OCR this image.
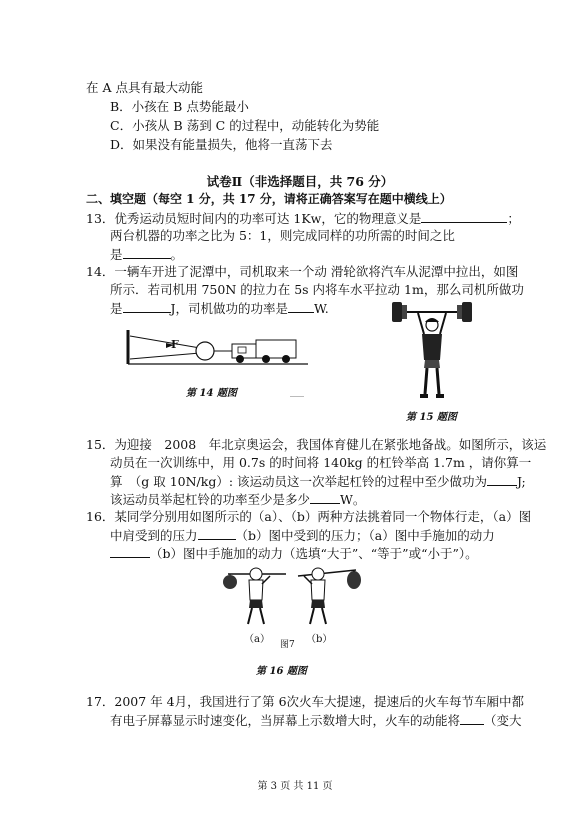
在 A 点具有最大动能
B．小孩在 B 点势能最小
C．小孩从 B 荡到 C 的过程中，动能转化为势能
D．如果没有能量损失，他将一直荡下去
试卷Ⅱ（非选择题目，共 76 分）
二、填空题（每空 1 分，共 17 分，请将正确答案写在题中横线上）
13．优秀运动员短时间内的功率可达 1Kw，它的物理意义是	；
两台机器的功率之比为 5：1，则完成同样的功所需的时间之比
是	。
14．一辆车开进了泥潭中，司机取来一个动 滑轮欲将汽车从泥潭中拉出，如图
所示．若司机用 750N 的拉力在 5s 内将车水平拉动 1m，那么司机所做功
是	J，司机做功的功率是 W.
F
第 14 题图
第 15 题图
15．为迎接　2008　年北京奥运会，我国体育健儿在紧张地备战。如图所示，该运
动员在一次训练中，用 0.7s 的时间将 140kg 的杠铃举高 1.7m ，请你算一
算　（g 取 10N/kg）: 该运动员这一次举起杠铃的过程中至少做功为 J;
该运动员举起杠铃的功率至少是多少 W。
16．某同学分别用如图所示的（a）、（b）两种方法挑着同一个物体行走，（a）图
中肩受到的压力	（b）图中受到的压力；（a）图中手施加的动力
（b）图中手施加的动力（选填“大于”、“等于”或“小于”）。
（a）	（b）
图7
第 16 题图
17．2007 年 4月，我国进行了第 6次火车大提速，提速后的火车每节车厢中都
有电子屏幕显示时速变化，当屏幕上示数增大时，火车的动能将 （变大
第 3 页 共 11 页
